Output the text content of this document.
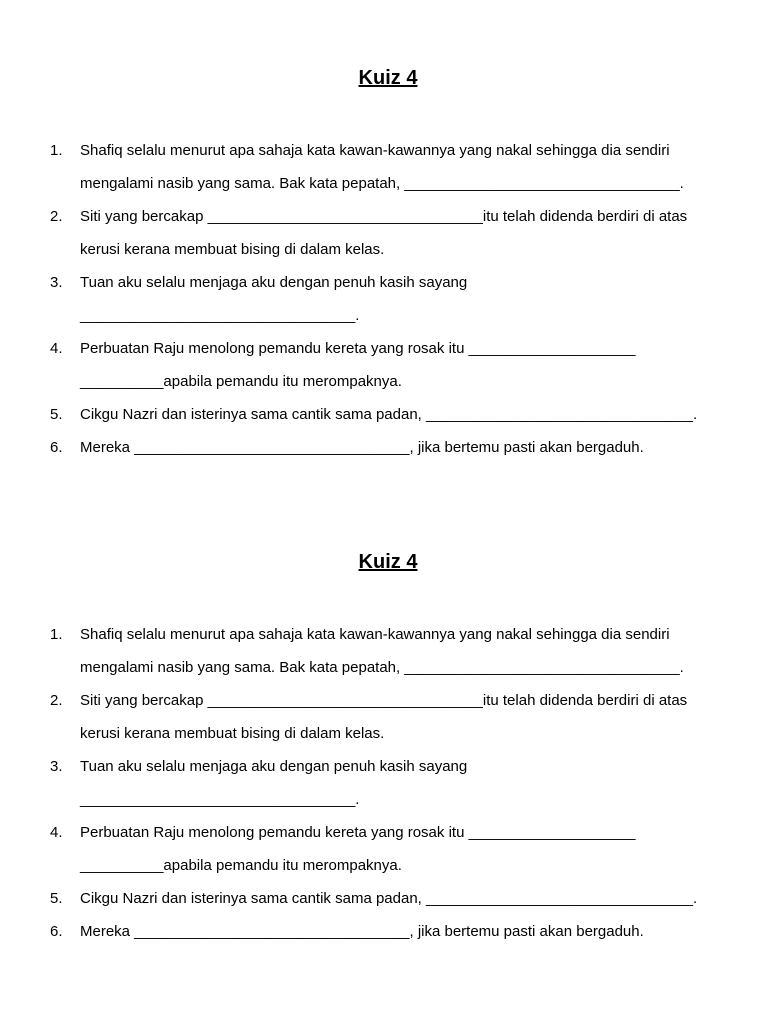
Kuiz 4
1. Shafiq selalu menurut apa sahaja kata kawan-kawannya yang nakal sehingga dia sendiri
mengalami nasib yang sama. Bak kata pepatah, _________________________________.
2. Siti yang bercakap _________________________________itu telah didenda berdiri di atas
kerusi kerana membuat bising di dalam kelas.
3. Tuan aku selalu menjaga aku dengan penuh kasih sayang
_________________________________.
4. Perbuatan Raju menolong pemandu kereta yang rosak itu ____________________
__________apabila pemandu itu merompaknya.
5. Cikgu Nazri dan isterinya sama cantik sama padan, ________________________________.
6. Mereka _________________________________, jika bertemu pasti akan bergaduh.
Kuiz 4
1. Shafiq selalu menurut apa sahaja kata kawan-kawannya yang nakal sehingga dia sendiri
mengalami nasib yang sama. Bak kata pepatah, _________________________________.
2. Siti yang bercakap _________________________________itu telah didenda berdiri di atas
kerusi kerana membuat bising di dalam kelas.
3. Tuan aku selalu menjaga aku dengan penuh kasih sayang
_________________________________.
4. Perbuatan Raju menolong pemandu kereta yang rosak itu ____________________
__________apabila pemandu itu merompaknya.
5. Cikgu Nazri dan isterinya sama cantik sama padan, ________________________________.
6. Mereka _________________________________, jika bertemu pasti akan bergaduh.
